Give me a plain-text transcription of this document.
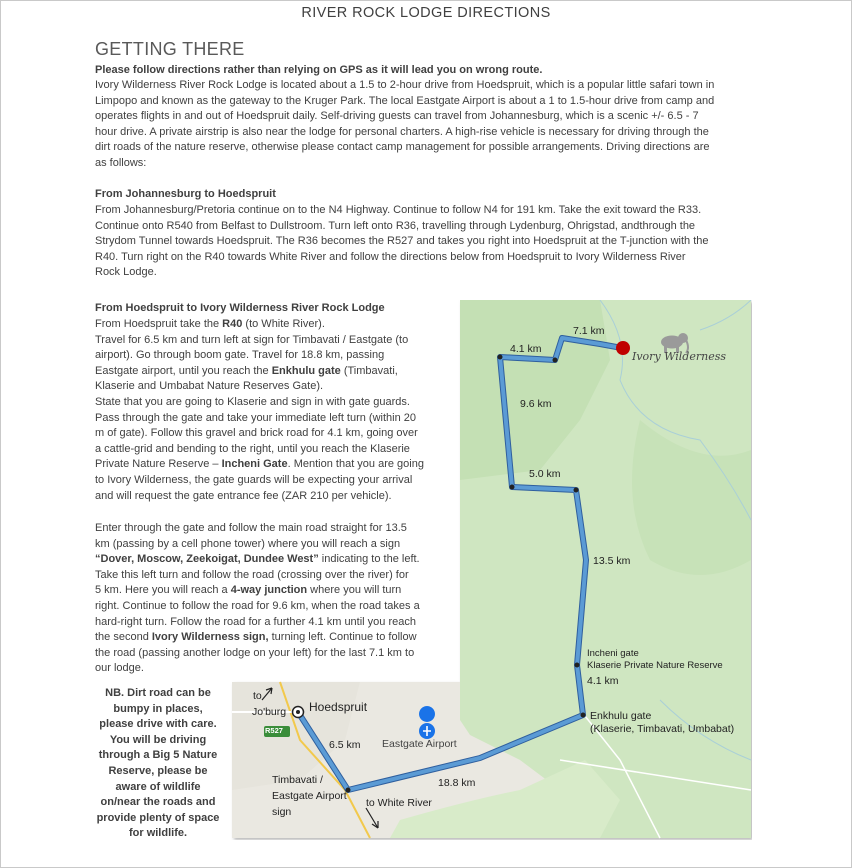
RIVER ROCK LODGE DIRECTIONS
GETTING THERE
Please follow directions rather than relying on GPS as it will lead you on wrong route.
Ivory Wilderness River Rock Lodge is located about a 1.5 to 2-hour drive from Hoedspruit, which is a popular little safari town in
Limpopo and known as the gateway to the Kruger Park. The local Eastgate Airport is about a 1 to 1.5-hour drive from camp and
operates flights in and out of Hoedspruit daily. Self-driving guests can travel from Johannesburg, which is a scenic +/- 6.5 - 7
hour drive. A private airstrip is also near the lodge for personal charters. A high-rise vehicle is necessary for driving through the
dirt roads of the nature reserve, otherwise please contact camp management for possible arrangements. Driving directions are
as follows:
From Johannesburg to Hoedspruit
From Johannesburg/Pretoria continue on to the N4 Highway. Continue to follow N4 for 191 km. Take the exit toward the R33.
Continue onto R540 from Belfast to Dullstroom. Turn left onto R36, travelling through Lydenburg, Ohrigstad, andthrough the
Strydom Tunnel towards Hoedspruit. The R36 becomes the R527 and takes you right into Hoedspruit at the T-junction with the
R40. Turn right on the R40 towards White River and follow the directions below from Hoedspruit to Ivory Wilderness River
Rock Lodge.
7.1 km
4.1 km
9.6 km
5.0 km
13.5 km
Incheni gate
Klaserie Private Nature Reserve
4.1 km
Enkhulu gate
(Klaserie, Timbavati, Umbabat)
Ivory Wilderness
to
Jo'burg Hoedspruit
R527
6.5 km Eastgate Airport
18.8 km
Timbavati /
Eastgate Airport
sign
to White River
From Hoedspruit to Ivory Wilderness River Rock Lodge
From Hoedspruit take the R40 (to White River).
Travel for 6.5 km and turn left at sign for Timbavati / Eastgate (to
airport). Go through boom gate. Travel for 18.8 km, passing
Eastgate airport, until you reach the Enkhulu gate (Timbavati,
Klaserie and Umbabat Nature Reserves Gate).
State that you are going to Klaserie and sign in with gate guards.
Pass through the gate and take your immediate left turn (within 20
m of gate). Follow this gravel and brick road for 4.1 km, going over
a cattle-grid and bending to the right, until you reach the Klaserie
Private Nature Reserve – Incheni Gate. Mention that you are going
to Ivory Wilderness, the gate guards will be expecting your arrival
and will request the gate entrance fee (ZAR 210 per vehicle).
Enter through the gate and follow the main road straight for 13.5
km (passing by a cell phone tower) where you will reach a sign
“Dover, Moscow, Zeekoigat, Dundee West” indicating to the left.
Take this left turn and follow the road (crossing over the river) for
5 km. Here you will reach a 4-way junction where you will turn
right. Continue to follow the road for 9.6 km, when the road takes a
hard-right turn. Follow the road for a further 4.1 km until you reach
the second Ivory Wilderness sign, turning left. Continue to follow
the road (passing another lodge on your left) for the last 7.1 km to
our lodge.
NB. Dirt road can be
bumpy in places,
please drive with care.
You will be driving
through a Big 5 Nature
Reserve, please be
aware of wildlife
on/near the roads and
provide plenty of space
for wildlife.
